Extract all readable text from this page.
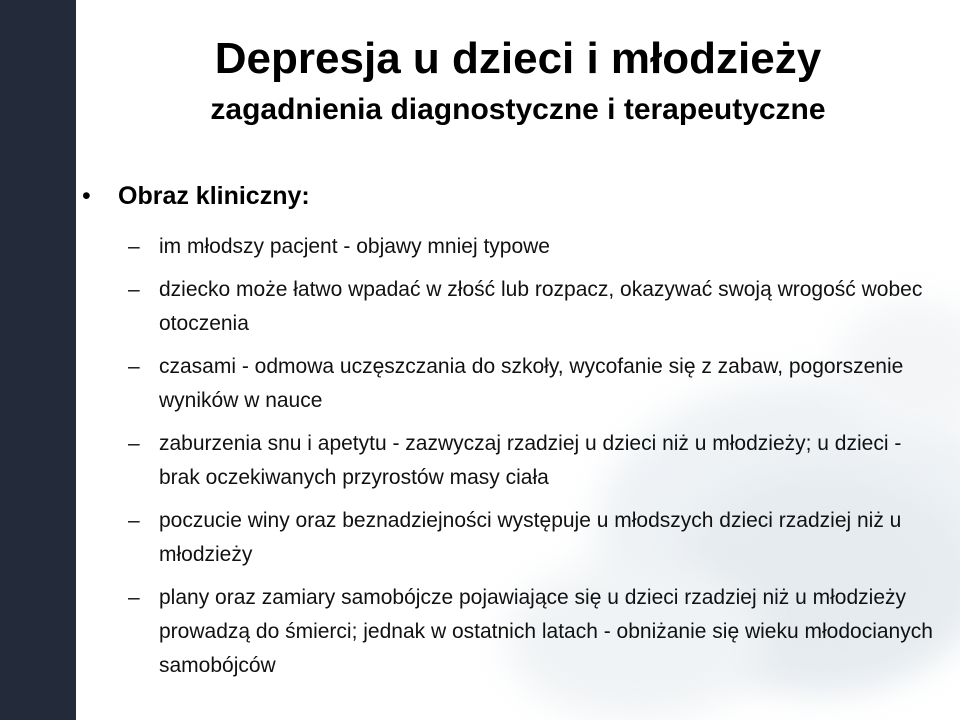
Depresja u dzieci i młodzieży
zagadnienia diagnostyczne i terapeutyczne
• Obraz kliniczny:
– im młodszy pacjent - objawy mniej typowe
– dziecko może łatwo wpadać w złość lub rozpacz, okazywać swoją wrogość wobec otoczenia
– czasami - odmowa uczęszczania do szkoły, wycofanie się z zabaw, pogorszenie wyników w nauce
– zaburzenia snu i apetytu - zazwyczaj rzadziej u dzieci niż u młodzieży; u dzieci - brak oczekiwanych przyrostów masy ciała
– poczucie winy oraz beznadziejności występuje u młodszych dzieci rzadziej niż u młodzieży
– plany oraz zamiary samobójcze pojawiające się u dzieci rzadziej niż u młodzieży prowadzą do śmierci; jednak w ostatnich latach - obniżanie się wieku młodocianych samobójców
